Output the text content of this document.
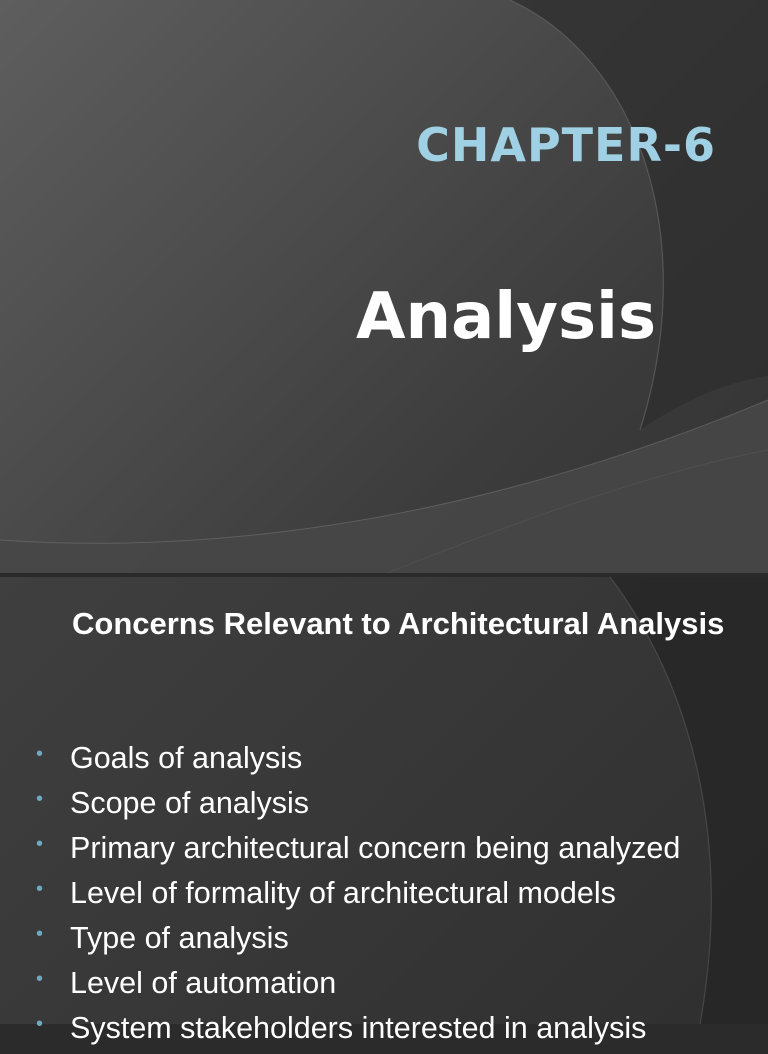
CHAPTER-6
Analysis
Concerns Relevant to Architectural Analysis
• Goals of analysis
• Scope of analysis
• Primary architectural concern being analyzed
• Level of formality of architectural models
• Type of analysis
• Level of automation
• System stakeholders interested in analysis
